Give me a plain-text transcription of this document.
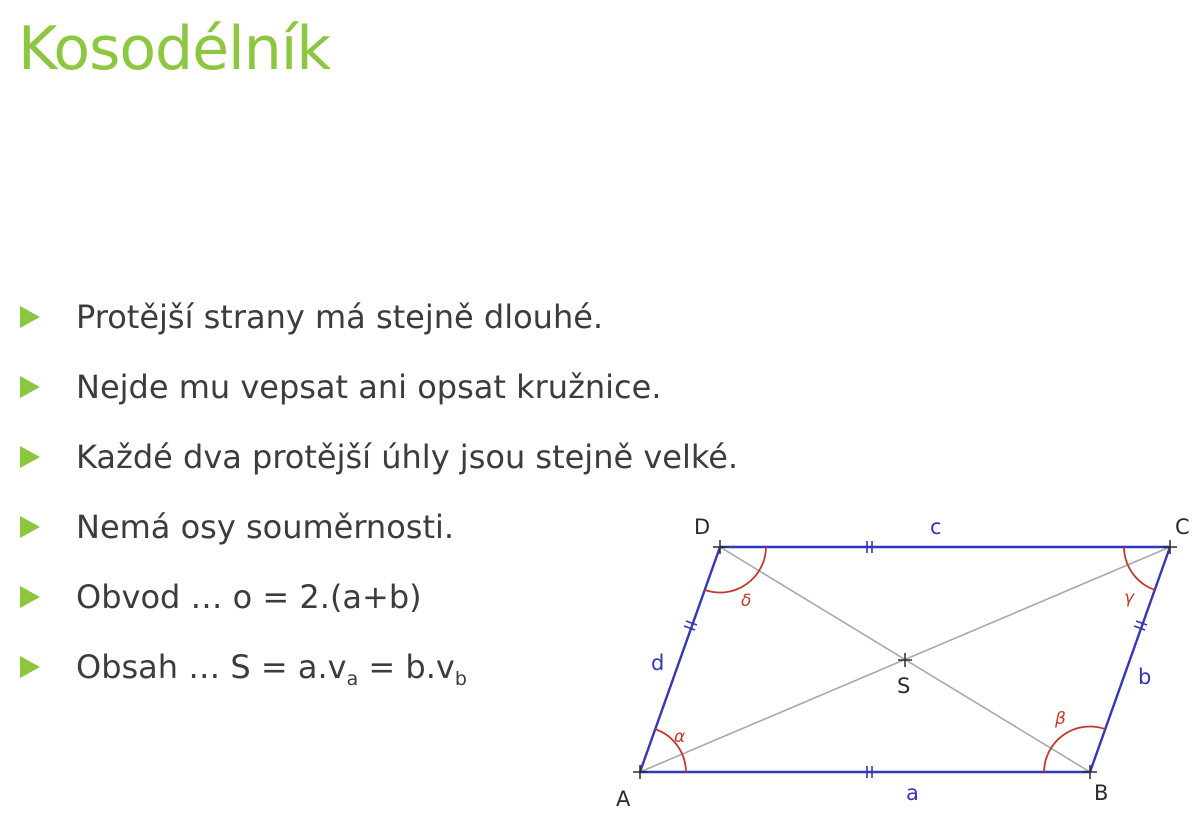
Kosodélník
Protější strany má stejně dlouhé.
Nejde mu vepsat ani opsat kružnice.
Každé dva protější úhly jsou stejně velké.
Nemá osy souměrnosti.
Obvod … o = 2.(a+b)
Obsah … $S = a.v_a = b.v_b$
A	B
C
D
S
a
b
c
d
α
β
γ
δ
